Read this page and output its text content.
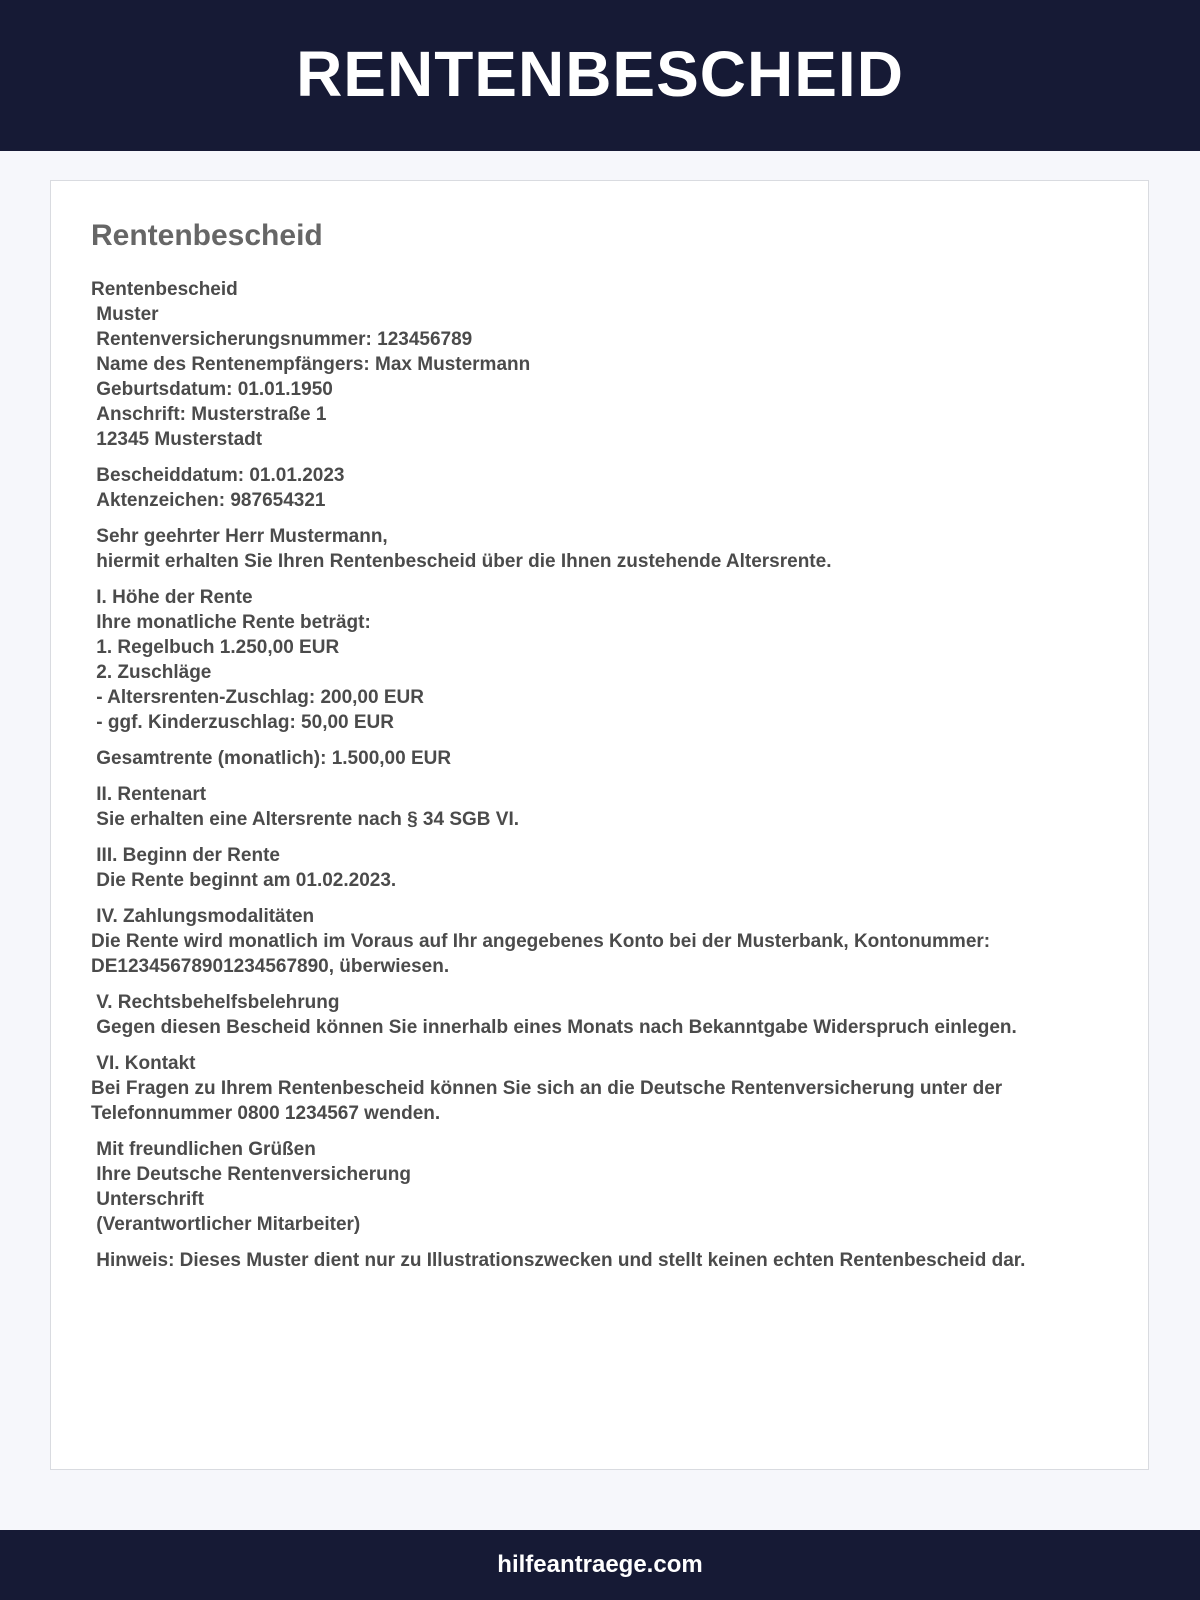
RENTENBESCHEID
Rentenbescheid
Rentenbescheid
Muster
Rentenversicherungsnummer: 123456789
Name des Rentenempfängers: Max Mustermann
Geburtsdatum: 01.01.1950
Anschrift: Musterstraße 1
12345 Musterstadt
Bescheiddatum: 01.01.2023
Aktenzeichen: 987654321
Sehr geehrter Herr Mustermann,
hiermit erhalten Sie Ihren Rentenbescheid über die Ihnen zustehende Altersrente.
I. Höhe der Rente
Ihre monatliche Rente beträgt:
1. Regelbuch 1.250,00 EUR
2. Zuschläge
- Altersrenten-Zuschlag: 200,00 EUR
- ggf. Kinderzuschlag: 50,00 EUR
Gesamtrente (monatlich): 1.500,00 EUR
II. Rentenart
Sie erhalten eine Altersrente nach § 34 SGB VI.
III. Beginn der Rente
Die Rente beginnt am 01.02.2023.
IV. Zahlungsmodalitäten
Die Rente wird monatlich im Voraus auf Ihr angegebenes Konto bei der Musterbank, Kontonummer:
DE12345678901234567890, überwiesen.
V. Rechtsbehelfsbelehrung
Gegen diesen Bescheid können Sie innerhalb eines Monats nach Bekanntgabe Widerspruch einlegen.
VI. Kontakt
Bei Fragen zu Ihrem Rentenbescheid können Sie sich an die Deutsche Rentenversicherung unter der
Telefonnummer 0800 1234567 wenden.
Mit freundlichen Grüßen
Ihre Deutsche Rentenversicherung
Unterschrift
(Verantwortlicher Mitarbeiter)
Hinweis: Dieses Muster dient nur zu Illustrationszwecken und stellt keinen echten Rentenbescheid dar.
hilfeantraege.com
